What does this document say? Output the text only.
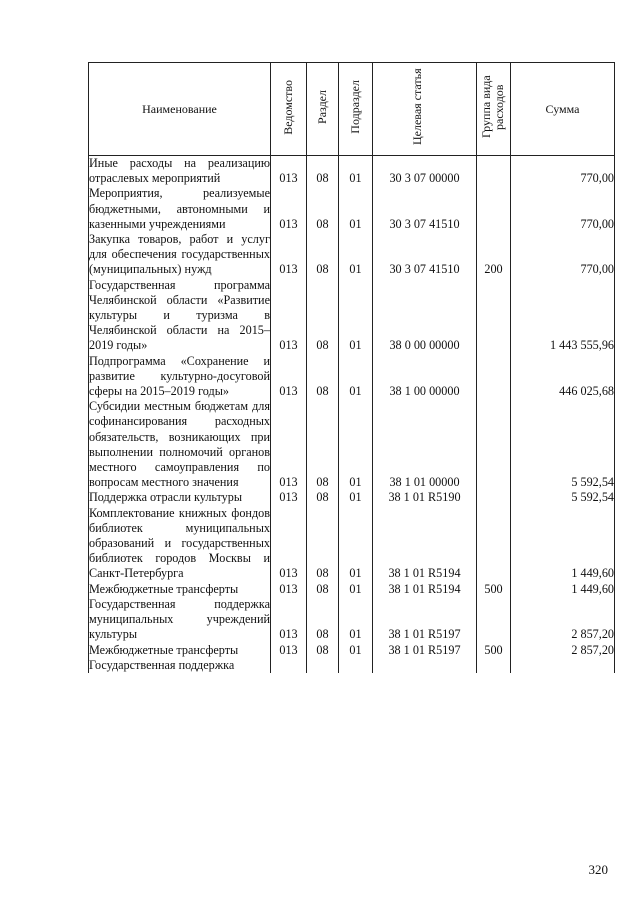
Наименование	Ведомство	Раздел	Подраздел	Целевая статья	Группа вида расходов	Сумма

Иные расходы на реализацию отраслевых мероприятий	013	08	01	30 3 07 00000		770,00

Мероприятия, реализуемые бюджетными, автономными и казенными учреждениями	013	08	01	30 3 07 41510		770,00

Закупка товаров, работ и услуг для обеспечения государственных (муниципальных) нужд	013	08	01	30 3 07 41510	200	770,00

Государственная программа Челябинской области «Развитие культуры и туризма в Челябинской области на 2015–2019 годы»	013	08	01	38 0 00 00000		1 443 555,96

Подпрограмма «Сохранение и развитие культурно-досуговой сферы на 2015–2019 годы»	013	08	01	38 1 00 00000		446 025,68

Субсидии местным бюджетам для софинансирования расходных обязательств, возникающих при выполнении полномочий органов местного самоуправления по вопросам местного значения	013	08	01	38 1 01 00000		5 592,54

Поддержка отрасли культуры	013	08	01	38 1 01 R5190		5 592,54

Комплектование книжных фондов библиотек муниципальных образований и государственных библиотек городов Москвы и Санкт-Петербурга	013	08	01	38 1 01 R5194		1 449,60

Межбюджетные трансферты	013	08	01	38 1 01 R5194	500	1 449,60

Государственная поддержка муниципальных учреждений культуры	013	08	01	38 1 01 R5197		2 857,20

Межбюджетные трансферты	013	08	01	38 1 01 R5197	500	2 857,20

Государственная поддержка						

320
